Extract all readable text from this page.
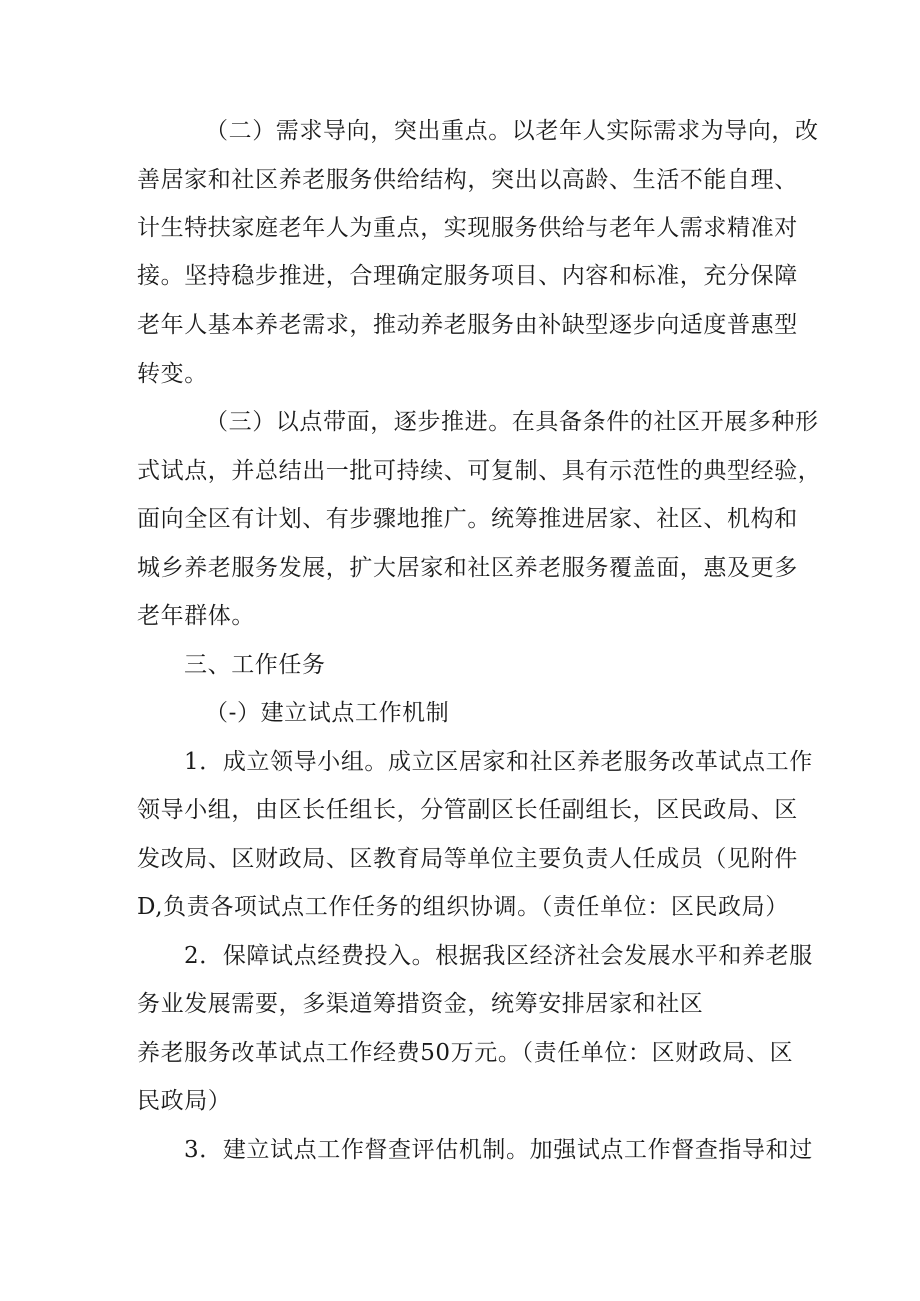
（二）需求导向，突出重点。以老年人实际需求为导向，改
善居家和社区养老服务供给结构，突出以高龄、生活不能自理、
计生特扶家庭老年人为重点，实现服务供给与老年人需求精准对
接。坚持稳步推进，合理确定服务项目、内容和标准，充分保障
老年人基本养老需求，推动养老服务由补缺型逐步向适度普惠型
转变。
（三）以点带面，逐步推进。在具备条件的社区开展多种形
式试点，并总结出一批可持续、可复制、具有示范性的典型经验，
面向全区有计划、有步骤地推广。统筹推进居家、社区、机构和
城乡养老服务发展，扩大居家和社区养老服务覆盖面，惠及更多
老年群体。
三、工作任务
（-）建立试点工作机制
1．成立领导小组。成立区居家和社区养老服务改革试点工作
领导小组，由区长任组长，分管副区长任副组长，区民政局、区
发改局、区财政局、区教育局等单位主要负责人任成员（见附件
D,负责各项试点工作任务的组织协调。（责任单位：区民政局）
2．保障试点经费投入。根据我区经济社会发展水平和养老服
务业发展需要，多渠道筹措资金，统筹安排居家和社区
养老服务改革试点工作经费50万元。（责任单位：区财政局、区
民政局）
3．建立试点工作督查评估机制。加强试点工作督查指导和过
